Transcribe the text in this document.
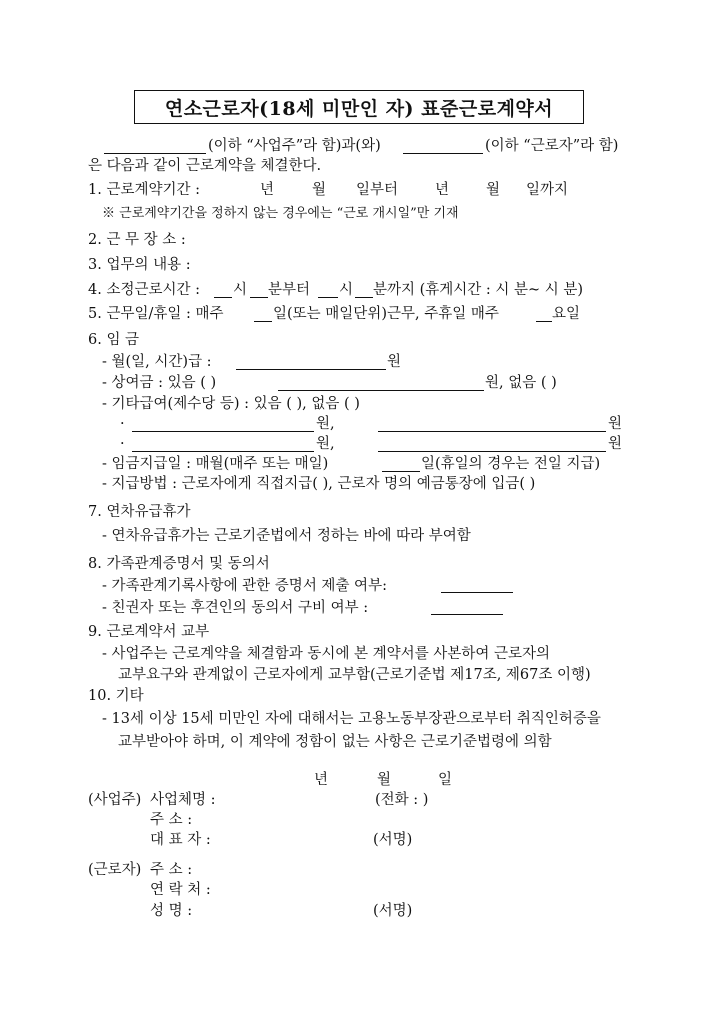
연소근로자(18세 미만인 자) 표준근로계약서
(이하 “사업주”라 함)과(와)	(이하 “근로자”라 함)
은 다음과 같이 근로계약을 체결한다.
1. 근로계약기간 :	년	월 일부터	년	월 일까지
※ 근로계약기간을 정하지 않는 경우에는 “근로 개시일”만 기재
2. 근 무 장 소 :
3. 업무의 내용 :
4. 소정근로시간 : 시 분부터 시 분까지 (휴게시간 : 시 분~ 시 분)
5. 근무일/휴일 : 매주	일(또는 매일단위)근무, 주휴일 매주	요일
6. 임 금
- 월(일, 시간)급 :	원
- 상여금 : 있음 ( )	원, 없음 ( )
- 기타급여(제수당 등) : 있음 ( ), 없음 ( )
·	원,	원
·	원,	원
- 임금지급일 : 매월(매주 또는 매일)	일(휴일의 경우는 전일 지급)
- 지급방법 : 근로자에게 직접지급( ), 근로자 명의 예금통장에 입금( )
7. 연차유급휴가
- 연차유급휴가는 근로기준법에서 정하는 바에 따라 부여함
8. 가족관계증명서 및 동의서
- 가족관계기록사항에 관한 증명서 제출 여부:
- 친권자 또는 후견인의 동의서 구비 여부 :
9. 근로계약서 교부
- 사업주는 근로계약을 체결함과 동시에 본 계약서를 사본하여 근로자의
교부요구와 관계없이 근로자에게 교부함(근로기준법 제17조, 제67조 이행)
10. 기타
- 13세 이상 15세 미만인 자에 대해서는 고용노동부장관으로부터 취직인허증을
교부받아야 하며, 이 계약에 정함이 없는 사항은 근로기준법령에 의함
년	월	일
(사업주) 사업체명 :	(전화 : )
주 소 :
대 표 자 :	(서명)
(근로자) 주 소 :
연 락 처 :
성 명 :	(서명)
